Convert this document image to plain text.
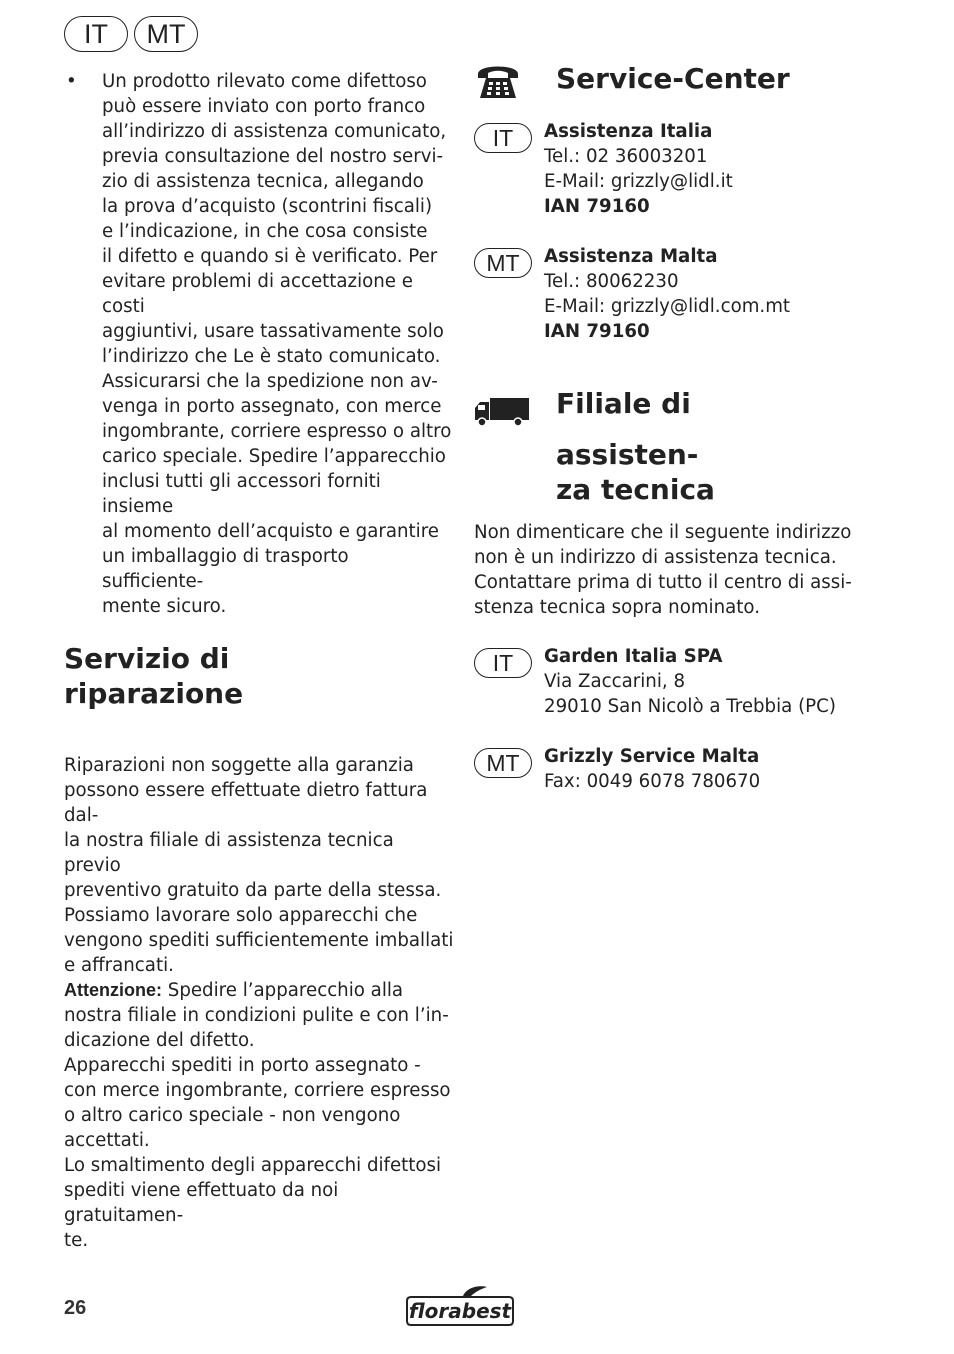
IT	MT
•	Un prodotto rilevato come difettoso
può essere inviato con porto franco
all’indirizzo di assistenza comunicato,
previa consultazione del nostro servi-
zio di assistenza tecnica, allegando
la prova d’acquisto (scontrini fiscali)
e l’indicazione, in che cosa consiste
il difetto e quando si è verificato. Per
evitare problemi di accettazione e costi
aggiuntivi, usare tassativamente solo
l’indirizzo che Le è stato comunicato.
Assicurarsi che la spedizione non av-
venga in porto assegnato, con merce
ingombrante, corriere espresso o altro
carico speciale. Spedire l’apparecchio
inclusi tutti gli accessori forniti insieme
al momento dell’acquisto e garantire
un imballaggio di trasporto sufficiente-
mente sicuro.
Servizio di
riparazione

Riparazioni non soggette alla garanzia
possono essere effettuate dietro fattura dal-
la nostra filiale di assistenza tecnica previo
preventivo gratuito da parte della stessa.
Possiamo lavorare solo apparecchi che
vengono spediti sufficientemente imballati
e affrancati.

Attenzione: Spedire l’apparecchio alla
nostra filiale in condizioni pulite e con l’in-
dicazione del difetto.
Apparecchi spediti in porto assegnato -
con merce ingombrante, corriere espresso
o altro carico speciale - non vengono
accettati.
Lo smaltimento degli apparecchi difettosi
spediti viene effettuato da noi gratuitamen-
te.

Service-Center
IT	Assistenza Italia
Tel.: 02 36003201
E-Mail: grizzly@lidl.it
IAN 79160
MT	Assistenza Malta
Tel.: 80062230
E-Mail: grizzly@lidl.com.mt
IAN 79160
Filiale di
assisten-
za tecnica

Non dimenticare che il seguente indirizzo
non è un indirizzo di assistenza tecnica.
Contattare prima di tutto il centro di assi-
stenza tecnica sopra nominato.

IT	Garden Italia SPA
Via Zaccarini, 8
29010 San Nicolò a Trebbia (PC)
MT	Grizzly Service Malta
Fax: 0049 6078 780670
26	florabest
